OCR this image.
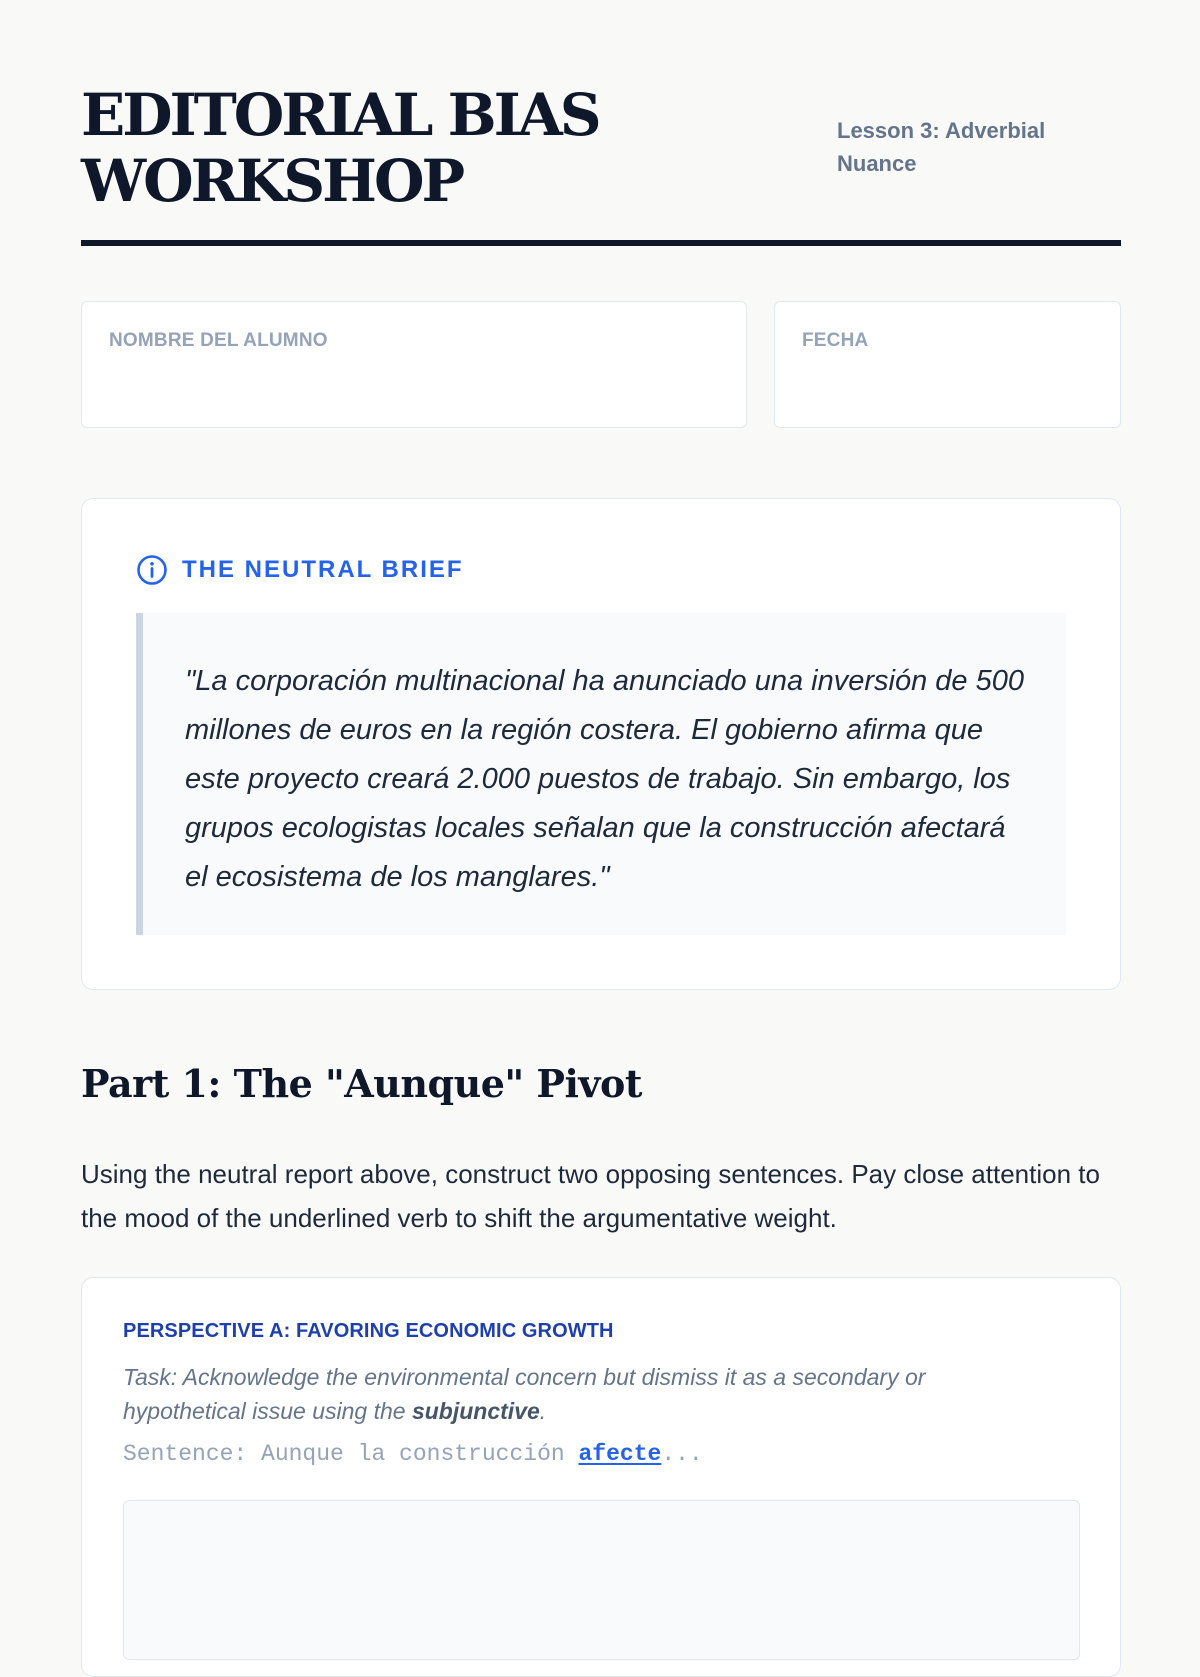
EDITORIAL BIAS
WORKSHOP
Lesson 3: Adverbial Nuance
NOMBRE DEL ALUMNO	FECHA
THE NEUTRAL BRIEF
"La corporación multinacional ha anunciado una inversión de 500 millones de euros en la región costera. El gobierno afirma que este proyecto creará 2.000 puestos de trabajo. Sin embargo, los grupos ecologistas locales señalan que la construcción afectará el ecosistema de los manglares."
Part 1: The "Aunque" Pivot

Using the neutral report above, construct two opposing sentences. Pay close attention to the mood of the underlined verb to shift the argumentative weight.

PERSPECTIVE A: FAVORING ECONOMIC GROWTH

Task: Acknowledge the environmental concern but dismiss it as a secondary or hypothetical issue using the subjunctive.

Sentence: Aunque la construcción afecte...
